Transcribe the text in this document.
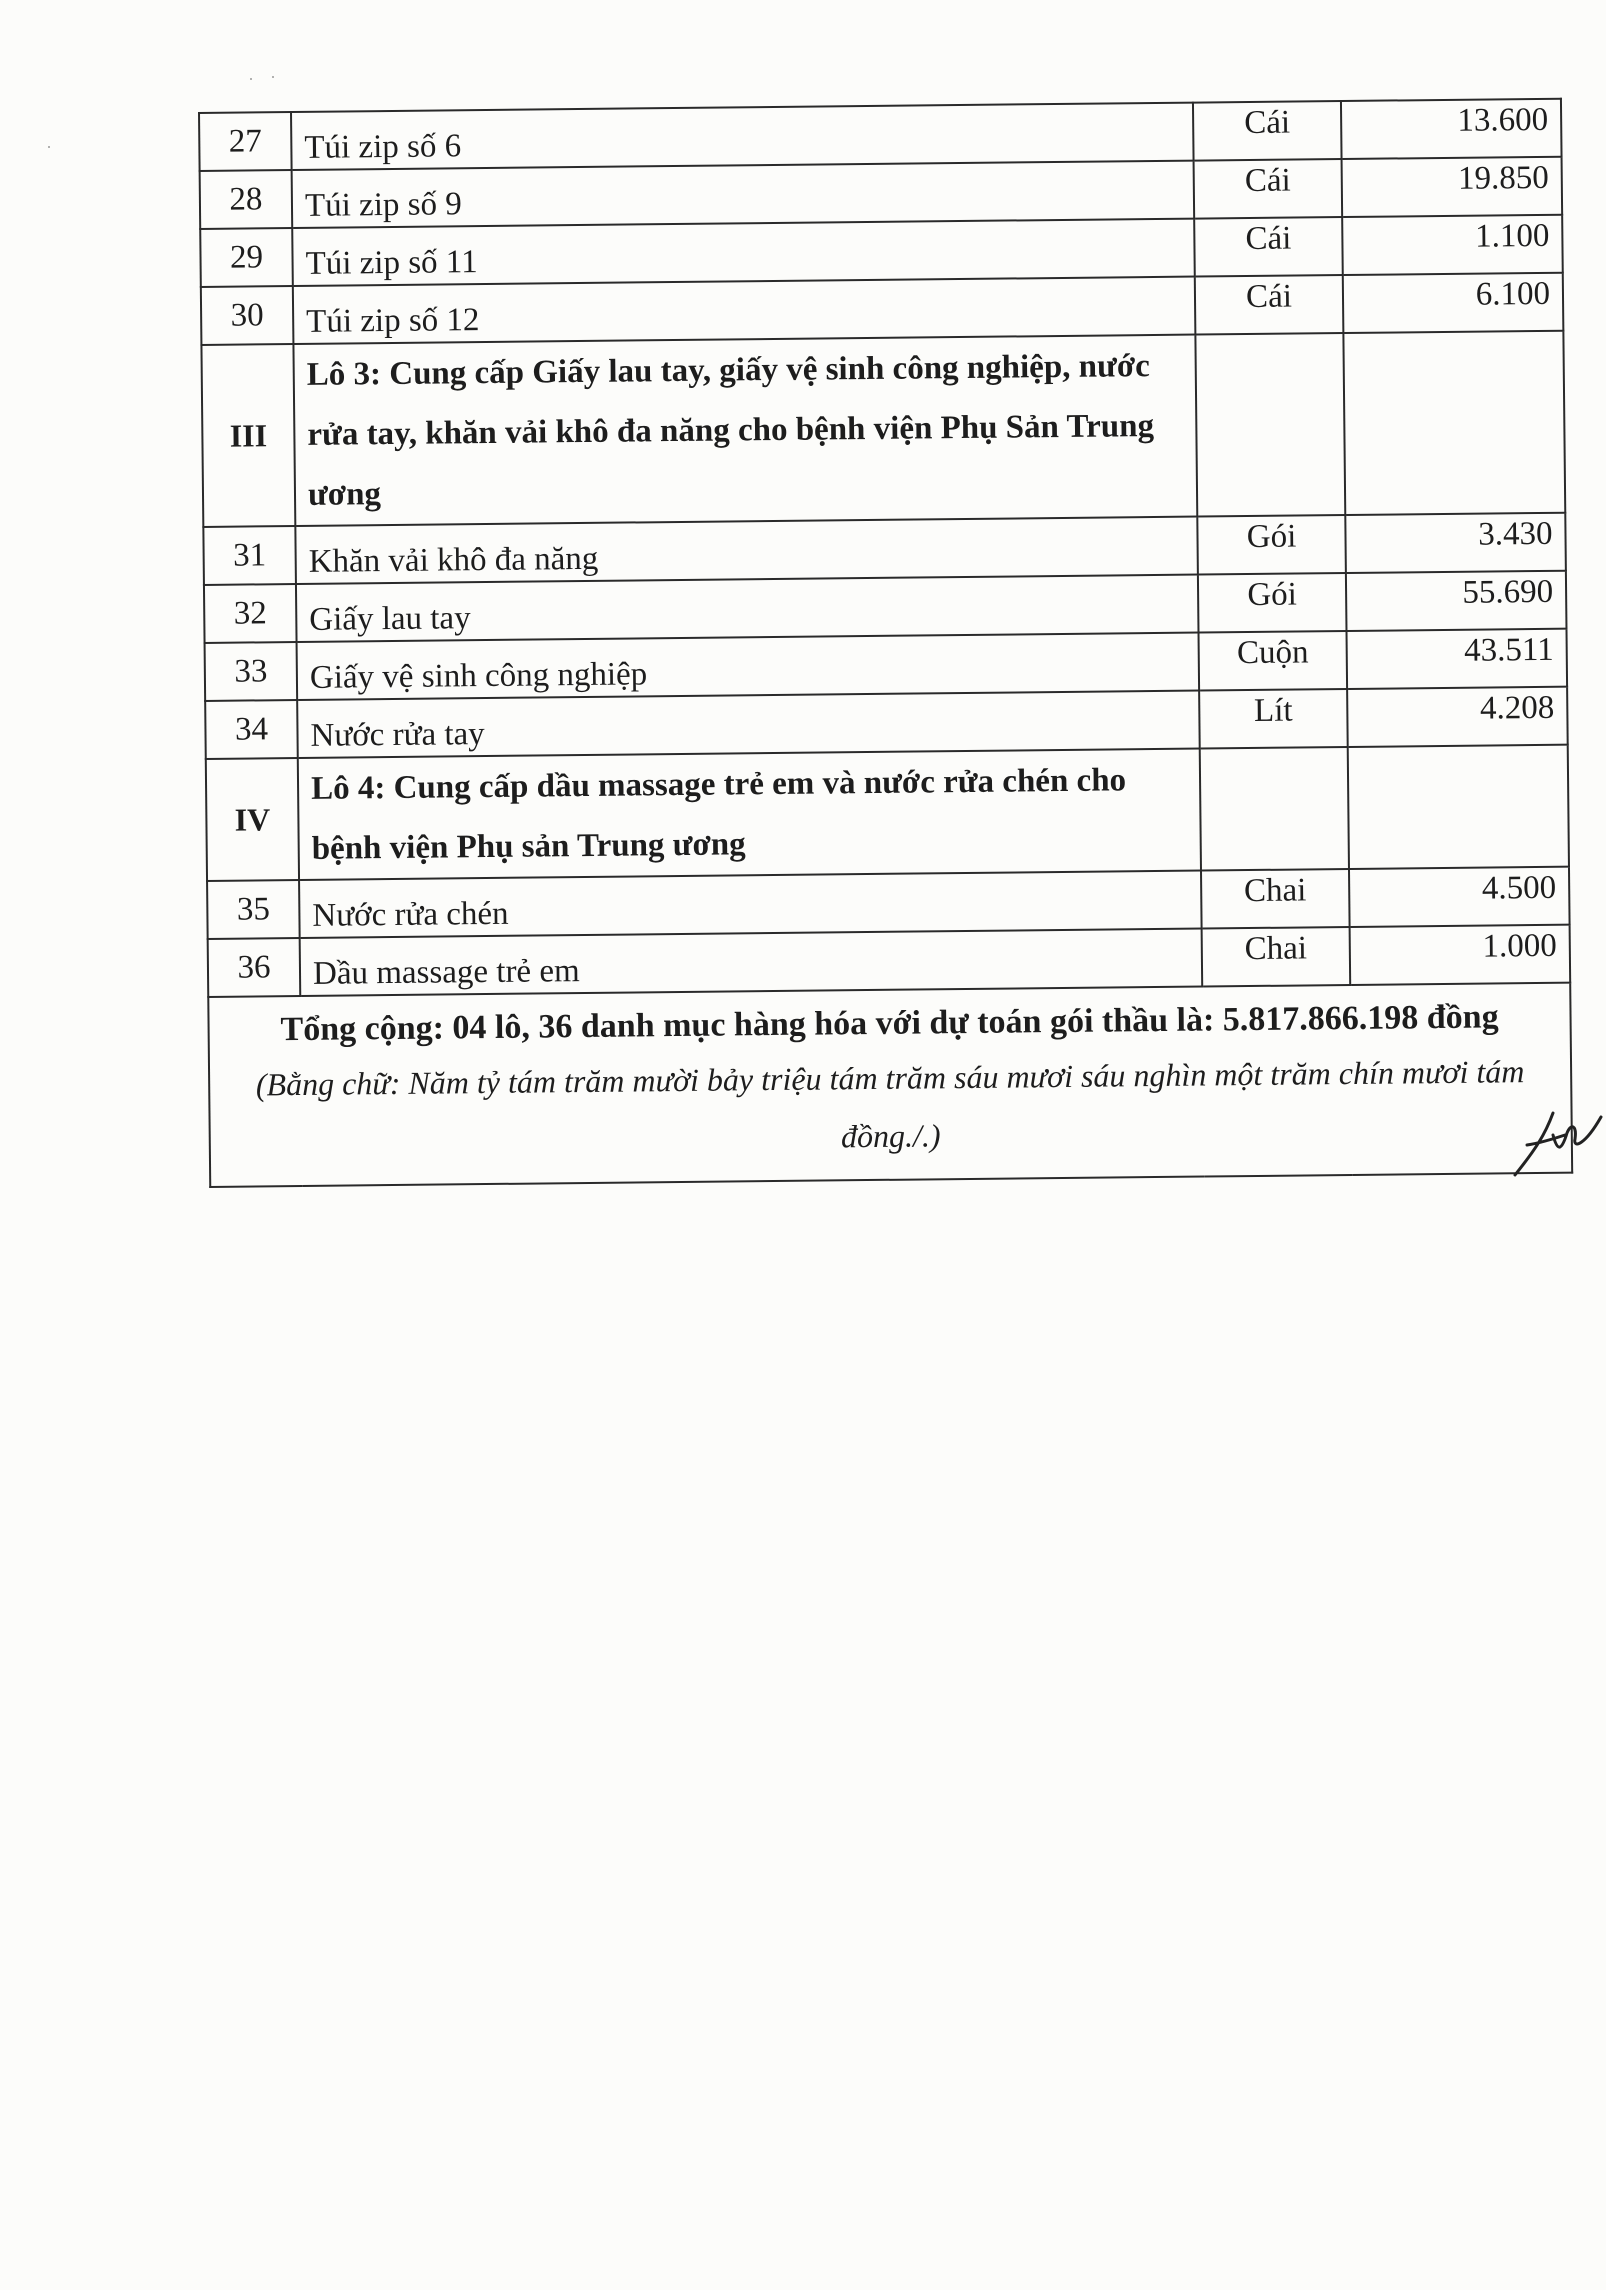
27	Túi zip số 6	Cái	13.600
28	Túi zip số 9	Cái	19.850
29	Túi zip số 11	Cái	1.100
30	Túi zip số 12	Cái	6.100
III	Lô 3: Cung cấp Giấy lau tay, giấy vệ sinh công nghiệp, nước rửa tay, khăn vải khô đa năng cho bệnh viện Phụ Sản Trung ương		
31	Khăn vải khô đa năng	Gói	3.430
32	Giấy lau tay	Gói	55.690
33	Giấy vệ sinh công nghiệp	Cuộn	43.511
34	Nước rửa tay	Lít	4.208
IV	Lô 4: Cung cấp dầu massage trẻ em và nước rửa chén cho bệnh viện Phụ sản Trung ương		
35	Nước rửa chén	Chai	4.500
36	Dầu massage trẻ em	Chai	1.000

Tổng cộng: 04 lô, 36 danh mục hàng hóa với dự toán gói thầu là: 5.817.866.198 đồng
(Bằng chữ: Năm tỷ tám trăm mười bảy triệu tám trăm sáu mươi sáu nghìn một trăm chín mươi tám đồng./.)			
